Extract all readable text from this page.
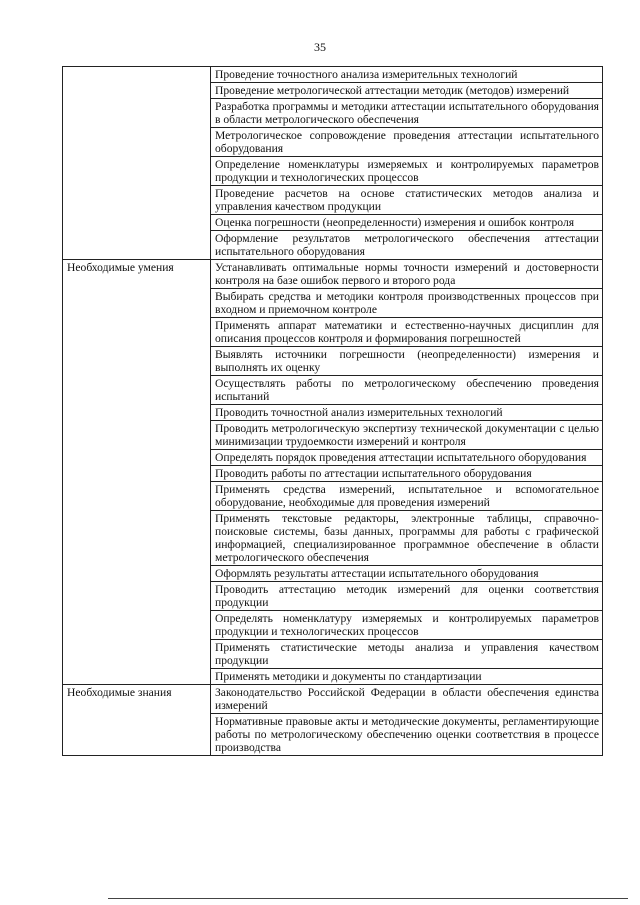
35
	Проведение точностного анализа измерительных технологий
	Проведение метрологической аттестации методик (методов) измерений
	Разработка программы и методики аттестации испытательного оборудования в области метрологического обеспечения
	Метрологическое сопровождение проведения аттестации испытательного оборудования
	Определение номенклатуры измеряемых и контролируемых параметров продукции и технологических процессов
	Проведение расчетов на основе статистических методов анализа и управления качеством продукции
	Оценка погрешности (неопределенности) измерения и ошибок контроля
	Оформление результатов метрологического обеспечения аттестации испытательного оборудования
Необходимые умения	Устанавливать оптимальные нормы точности измерений и достоверности контроля на базе ошибок первого и второго рода
	Выбирать средства и методики контроля производственных процессов при входном и приемочном контроле
	Применять аппарат математики и естественно-научных дисциплин для описания процессов контроля и формирования погрешностей
	Выявлять источники погрешности (неопределенности) измерения и выполнять их оценку
	Осуществлять работы по метрологическому обеспечению проведения испытаний
	Проводить точностной анализ измерительных технологий
	Проводить метрологическую экспертизу технической документации с целью минимизации трудоемкости измерений и контроля
	Определять порядок проведения аттестации испытательного оборудования
	Проводить работы по аттестации испытательного оборудования
	Применять средства измерений, испытательное и вспомогательное оборудование, необходимые для проведения измерений
	Применять текстовые редакторы, электронные таблицы, справочно-поисковые системы, базы данных, программы для работы с графической информацией, специализированное программное обеспечение в области метрологического обеспечения
	Оформлять результаты аттестации испытательного оборудования
	Проводить аттестацию методик измерений для оценки соответствия продукции
	Определять номенклатуру измеряемых и контролируемых параметров продукции и технологических процессов
	Применять статистические методы анализа и управления качеством продукции
	Применять методики и документы по стандартизации
Необходимые знания	Законодательство Российской Федерации в области обеспечения единства измерений
	Нормативные правовые акты и методические документы, регламентирующие работы по метрологическому обеспечению оценки соответствия в процессе производства
